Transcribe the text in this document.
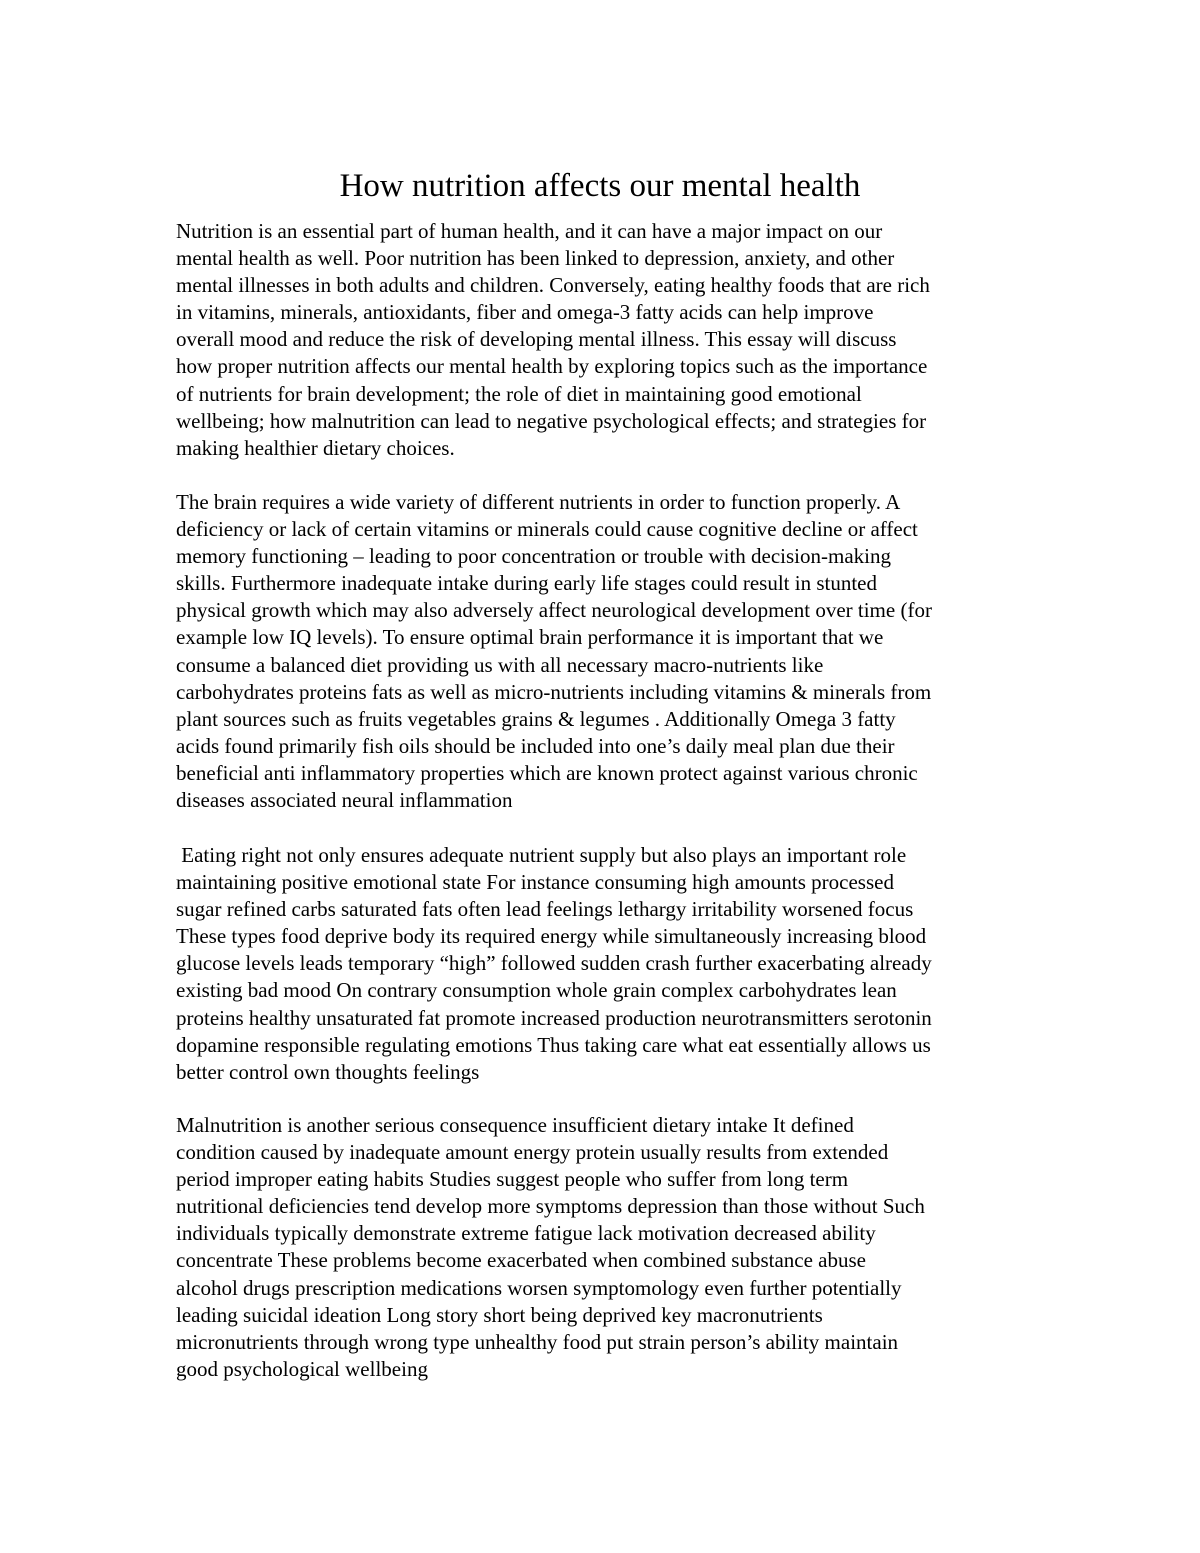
How nutrition affects our mental health
Nutrition is an essential part of human health, and it can have a major impact on our
mental health as well. Poor nutrition has been linked to depression, anxiety, and other
mental illnesses in both adults and children. Conversely, eating healthy foods that are rich
in vitamins, minerals, antioxidants, fiber and omega-3 fatty acids can help improve
overall mood and reduce the risk of developing mental illness. This essay will discuss
how proper nutrition affects our mental health by exploring topics such as the importance
of nutrients for brain development; the role of diet in maintaining good emotional
wellbeing; how malnutrition can lead to negative psychological effects; and strategies for
making healthier dietary choices.
The brain requires a wide variety of different nutrients in order to function properly. A
deficiency or lack of certain vitamins or minerals could cause cognitive decline or affect
memory functioning – leading to poor concentration or trouble with decision-making
skills. Furthermore inadequate intake during early life stages could result in stunted
physical growth which may also adversely affect neurological development over time (for
example low IQ levels). To ensure optimal brain performance it is important that we
consume a balanced diet providing us with all necessary macro-nutrients like
carbohydrates proteins fats as well as micro-nutrients including vitamins & minerals from
plant sources such as fruits vegetables grains & legumes . Additionally Omega 3 fatty
acids found primarily fish oils should be included into one’s daily meal plan due their
beneficial anti inflammatory properties which are known protect against various chronic
diseases associated neural inflammation
Eating right not only ensures adequate nutrient supply but also plays an important role
maintaining positive emotional state For instance consuming high amounts processed
sugar refined carbs saturated fats often lead feelings lethargy irritability worsened focus
These types food deprive body its required energy while simultaneously increasing blood
glucose levels leads temporary “high” followed sudden crash further exacerbating already
existing bad mood On contrary consumption whole grain complex carbohydrates lean
proteins healthy unsaturated fat promote increased production neurotransmitters serotonin
dopamine responsible regulating emotions Thus taking care what eat essentially allows us
better control own thoughts feelings
Malnutrition is another serious consequence insufficient dietary intake It defined
condition caused by inadequate amount energy protein usually results from extended
period improper eating habits Studies suggest people who suffer from long term
nutritional deficiencies tend develop more symptoms depression than those without Such
individuals typically demonstrate extreme fatigue lack motivation decreased ability
concentrate These problems become exacerbated when combined substance abuse
alcohol drugs prescription medications worsen symptomology even further potentially
leading suicidal ideation Long story short being deprived key macronutrients
micronutrients through wrong type unhealthy food put strain person’s ability maintain
good psychological wellbeing
